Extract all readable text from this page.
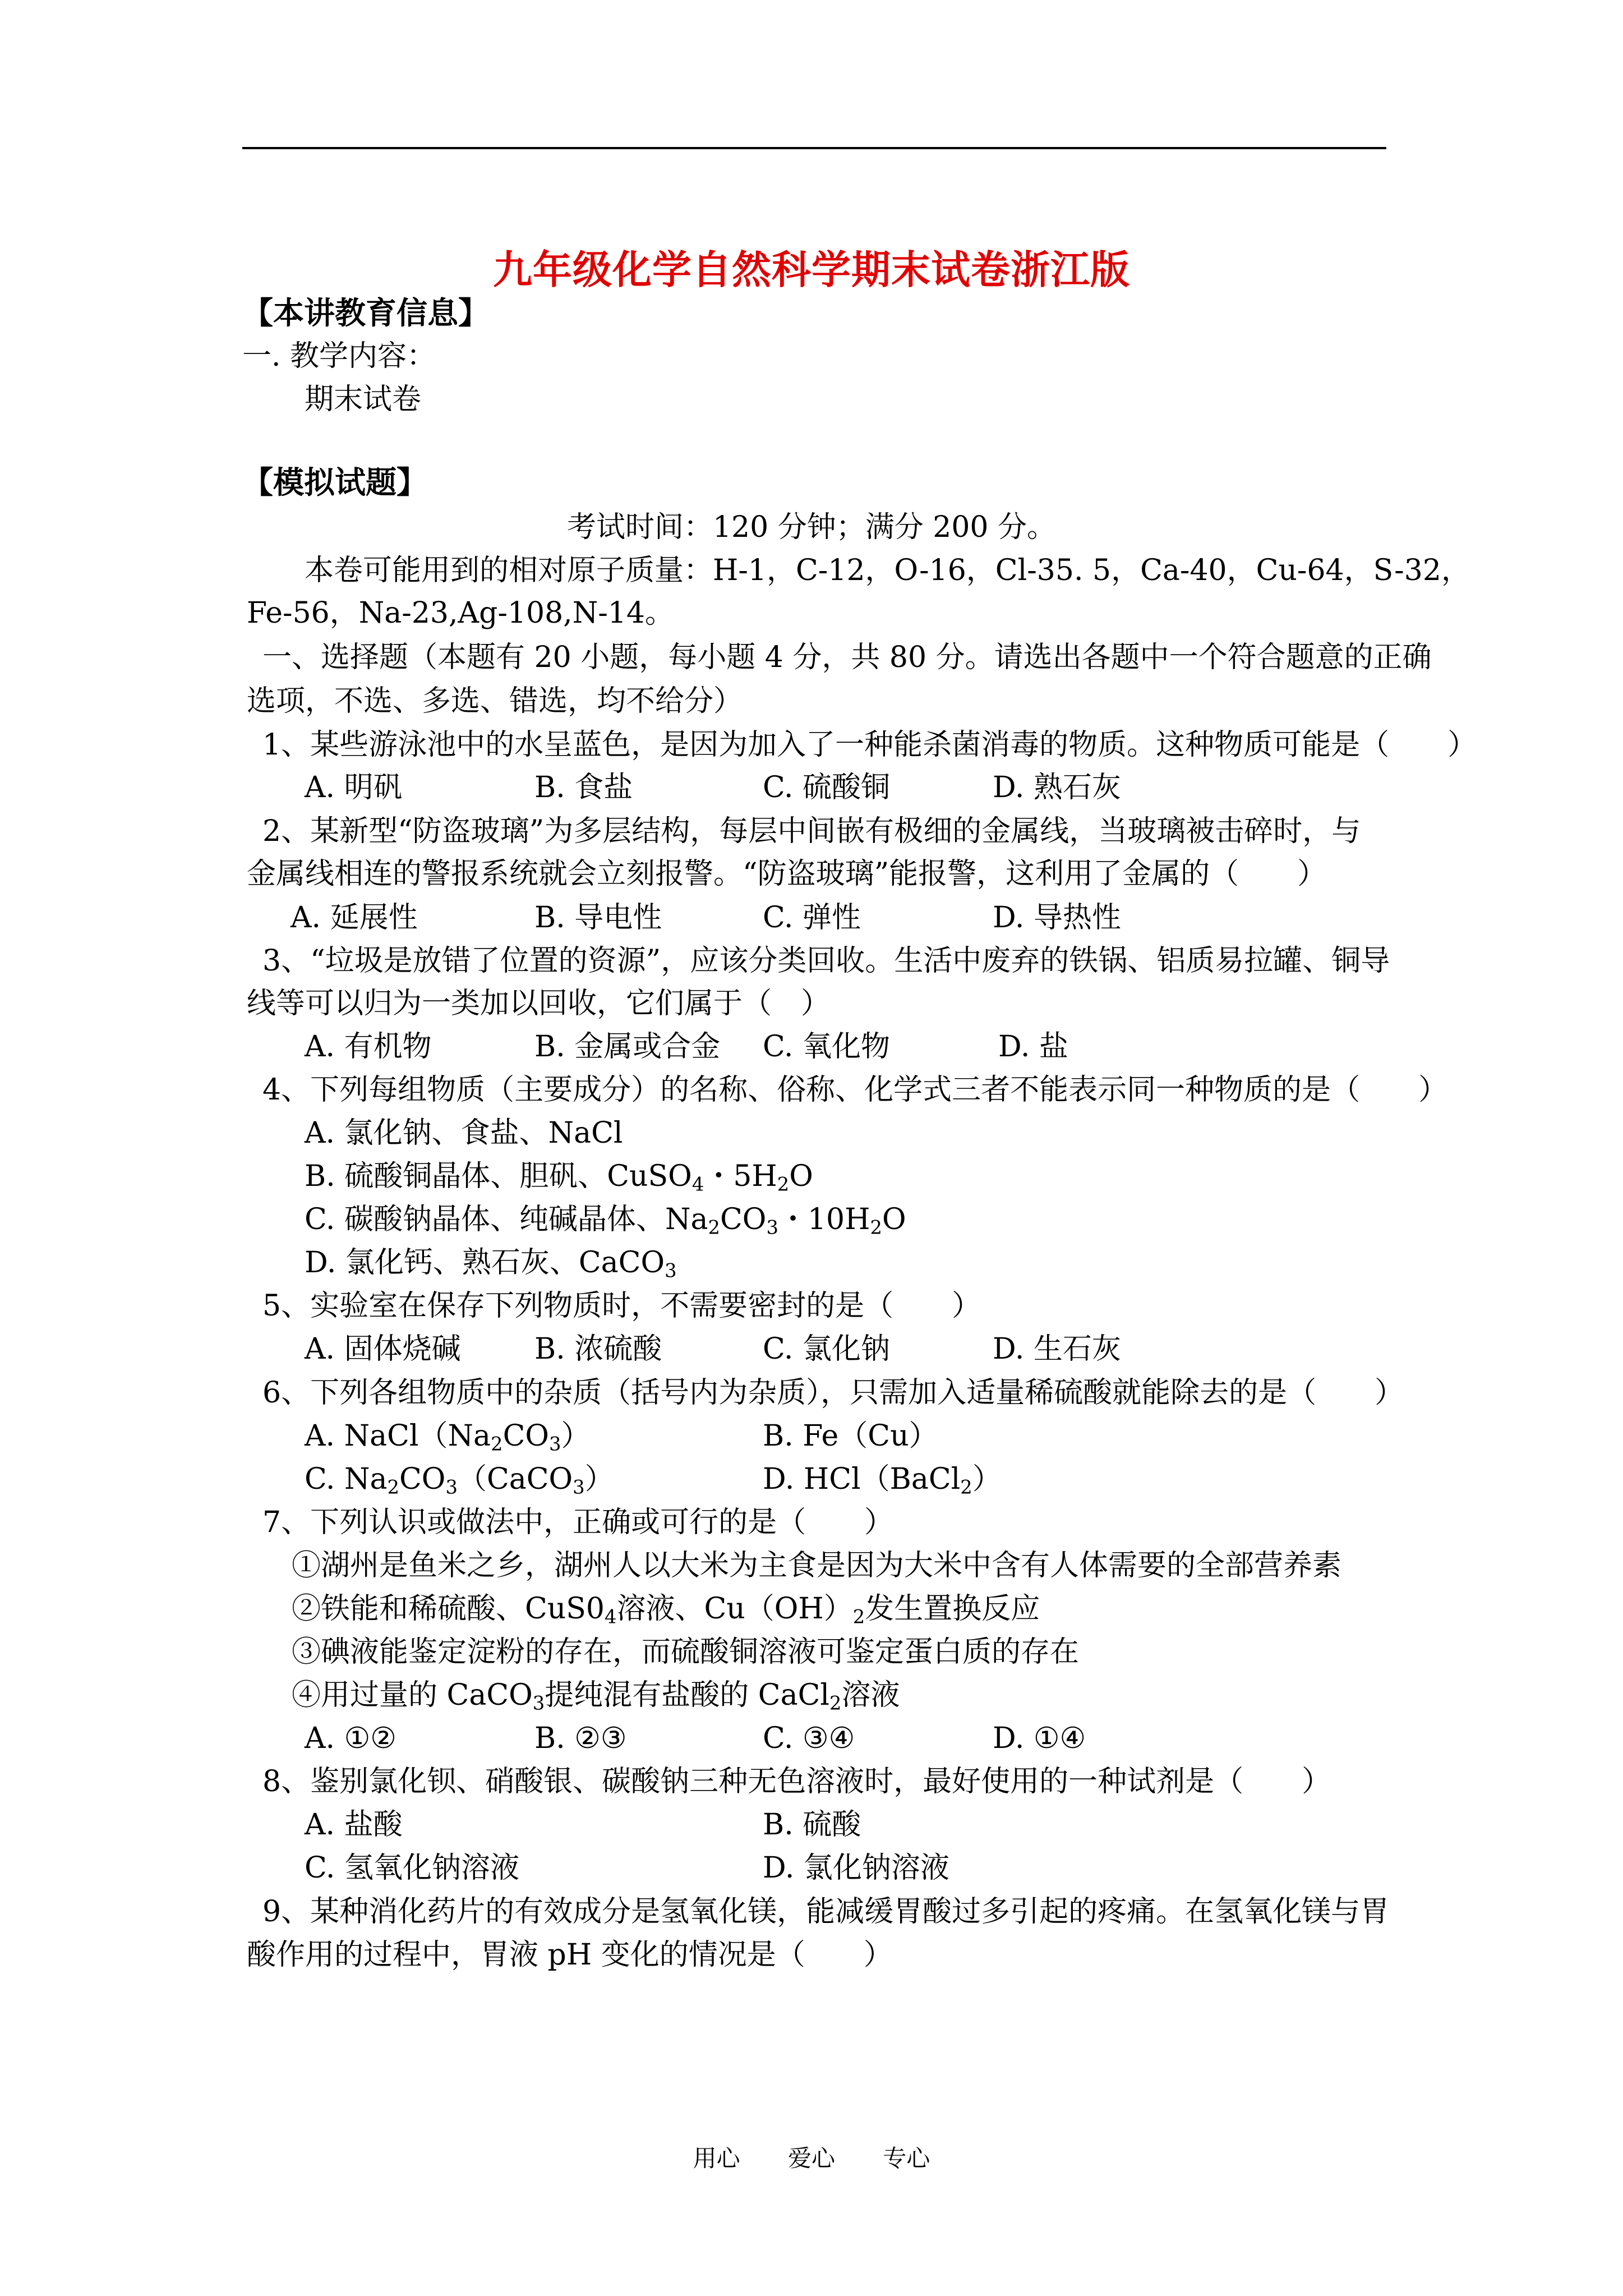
九年级化学自然科学期末试卷浙江版
【本讲教育信息】
一. 教学内容：
期末试卷
【模拟试题】
考试时间：120 分钟；满分 200 分。
本卷可能用到的相对原子质量：H-1，C-12，O-16，Cl-35. 5，Ca-40，Cu-64，S-32，
Fe-56，Na-23,Ag-108,N-14。
一、选择题（本题有 20 小题，每小题 4 分，共 80 分。请选出各题中一个符合题意的正确
选项，不选、多选、错选，均不给分）
1、某些游泳池中的水呈蓝色，是因为加入了一种能杀菌消毒的物质。这种物质可能是（　　）
A. 明矾	B. 食盐	C. 硫酸铜	D. 熟石灰
2、某新型“防盗玻璃”为多层结构，每层中间嵌有极细的金属线，当玻璃被击碎时，与
金属线相连的警报系统就会立刻报警。“防盗玻璃”能报警，这利用了金属的（　　）
A. 延展性	B. 导电性	C. 弹性	D. 导热性
3、“垃圾是放错了位置的资源”，应该分类回收。生活中废弃的铁锅、铝质易拉罐、铜导
线等可以归为一类加以回收，它们属于（　）
A. 有机物	B. 金属或合金 C. 氧化物	D. 盐
4、下列每组物质（主要成分）的名称、俗称、化学式三者不能表示同一种物质的是（　　）
A. 氯化钠、食盐、NaCl
B. 硫酸铜晶体、胆矾、CuSO$_4$・$5H_2O$
C. 碳酸钠晶体、纯碱晶体、$Na_2CO_3$・$10H_2O$
D. 氯化钙、熟石灰、CaCO$_3$
5、实验室在保存下列物质时，不需要密封的是（　　）
A. 固体烧碱	B. 浓硫酸	C. 氯化钠	D. 生石灰
6、下列各组物质中的杂质（括号内为杂质），只需加入适量稀硫酸就能除去的是（　　）
A. $NaCl(Na_2CO_3)$	B. Fe（Cu）
C. $Na_2CO_3(CaCO_3)$	D. HCl（BaCl$_2$）
7、下列认识或做法中，正确或可行的是（　　）
①湖州是鱼米之乡，湖州人以大米为主食是因为大米中含有人体需要的全部营养素
②铁能和稀硫酸、$CuS0_4$溶液、$Cu(OH)_2$发生置换反应
③碘液能鉴定淀粉的存在，而硫酸铜溶液可鉴定蛋白质的存在
④用过量的 CaCO$_3$提纯混有盐酸的 CaCl$_2$溶液
A. ①②	B. ②③	C. ③④	D. ①④
8、鉴别氯化钡、硝酸银、碳酸钠三种无色溶液时，最好使用的一种试剂是（　　）
A. 盐酸	B. 硫酸
C. 氢氧化钠溶液	D. 氯化钠溶液
9、某种消化药片的有效成分是氢氧化镁，能减缓胃酸过多引起的疼痛。在氢氧化镁与胃
酸作用的过程中，胃液 pH 变化的情况是（　　）
用心 爱心 专心
